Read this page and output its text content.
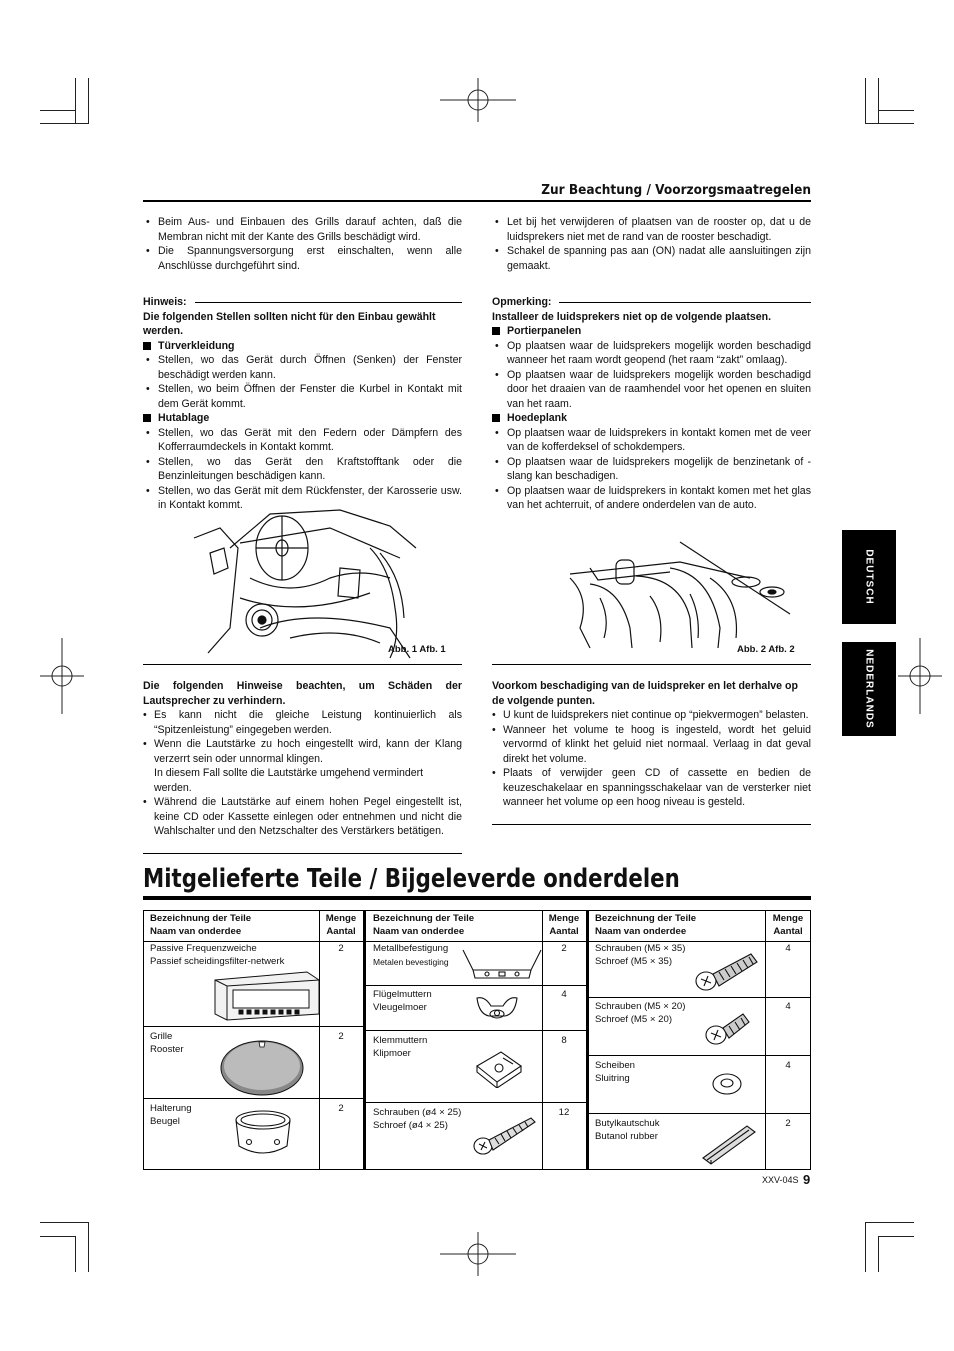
Zur Beachtung / Voorzorgsmaatregelen

• Beim Aus- und Einbauen des Grills darauf achten, daß die Membran nicht mit der Kante des Grills beschädigt wird.

• Die Spannungsversorgung erst einschalten, wenn alle Anschlüsse durchgeführt sind.

Hinweis:

Die folgenden Stellen sollten nicht für den Einbau gewählt werden.

Türverkleidung

• Stellen, wo das Gerät durch Öffnen (Senken) der Fenster beschädigt werden kann.

• Stellen, wo beim Öffnen der Fenster die Kurbel in Kontakt mit dem Gerät kommt.

Hutablage

• Stellen, wo das Gerät mit den Federn oder Dämpfern des Kofferraumdeckels in Kontakt kommt.

• Stellen, wo das Gerät den Kraftstofftank oder die Benzinleitungen beschädigen kann.

• Stellen, wo das Gerät mit dem Rückfenster, der Karosserie usw. in Kontakt kommt.

Abb. 1 Afb. 1

Die folgenden Hinweise beachten, um Schäden der Lautsprecher zu verhindern.

• Es kann nicht die gleiche Leistung kontinuierlich als “Spitzenleistung” eingegeben werden.

• Wenn die Lautstärke zu hoch eingestellt wird, kann der Klang verzerrt sein oder unnormal klingen.

In diesem Fall sollte die Lautstärke umgehend vermindert werden.

• Während die Lautstärke auf einem hohen Pegel eingestellt ist, keine CD oder Kassette einlegen oder entnehmen und nicht die Wahlschalter und den Netzschalter des Verstärkers betätigen.

• Let bij het verwijderen of plaatsen van de rooster op, dat u de luidsprekers niet met de rand van de rooster beschadigt.

• Schakel de spanning pas aan (ON) nadat alle aansluitingen zijn gemaakt.

Opmerking:

Installeer de luidsprekers niet op de volgende plaatsen.

Portierpanelen

• Op plaatsen waar de luidsprekers mogelijk worden beschadigd wanneer het raam wordt geopend (het raam “zakt” omlaag).

• Op plaatsen waar de luidsprekers mogelijk worden beschadigd door het draaien van de raamhendel voor het openen en sluiten van het raam.

Hoedeplank

• Op plaatsen waar de luidsprekers in kontakt komen met de veer van de kofferdeksel of schokdempers.

• Op plaatsen waar de luidsprekers mogelijk de benzinetank of -slang kan beschadigen.

• Op plaatsen waar de luidsprekers in kontakt komen met het glas van het achterruit, of andere onderdelen van de auto.

Abb. 2 Afb. 2

Voorkom beschadiging van de luidspreker en let derhalve op de volgende punten.

• U kunt de luidsprekers niet continue op “piekvermogen” belasten.

• Wanneer het volume te hoog is ingesteld, wordt het geluid vervormd of klinkt het geluid niet normaal. Verlaag in dat geval direkt het volume.

• Plaats of verwijder geen CD of cassette en bedien de keuzeschakelaar en spanningsschakelaar van de versterker niet wanneer het volume op een hoog niveau is gesteld.

DEUTSCH
NEDERLANDS
Mitgelieferte Teile / Bijgeleverde onderdelen
Bezeichnung der Teile
Naam van onderdee
Menge
Aantal
Bezeichnung der Teile
Naam van onderdee
Menge
Aantal
Bezeichnung der Teile
Naam van onderdee
Menge
Aantal
Passive Frequenzweiche
Passief scheidingsfilter-netwerk
2
Grille
Rooster
2
Halterung
Beugel
2
Metallbefestigung
Metalen bevestiging
2
Flügelmuttern
Vleugelmoer
4
Klemmuttern
Klipmoer
8
Schrauben (ø4 × 25)
Schroef (ø4 × 25)
12
Schrauben (M5 × 35)
Schroef (M5 × 35)
4
Schrauben (M5 × 20)
Schroef (M5 × 20)
4
Scheiben
Sluitring
4
Butylkautschuk
Butanol rubber
2
XXV-04S 9
